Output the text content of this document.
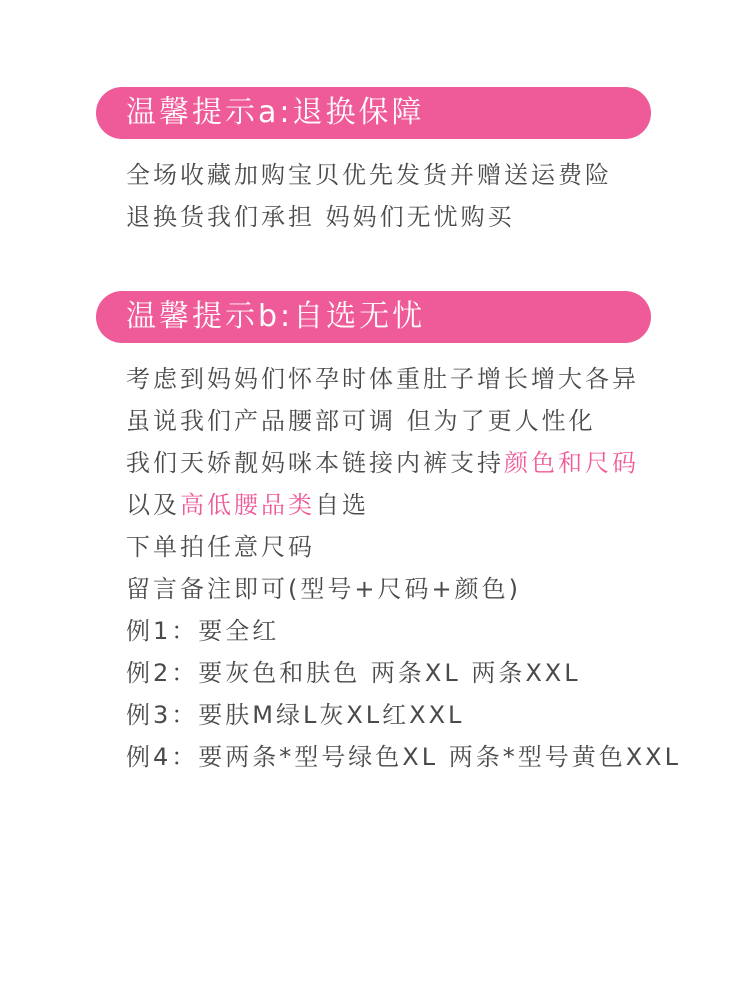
温馨提示a:退换保障
全场收藏加购宝贝优先发货并赠送运费险
退换货我们承担 妈妈们无忧购买
温馨提示b:自选无忧
考虑到妈妈们怀孕时体重肚子增长增大各异
虽说我们产品腰部可调 但为了更人性化
我们天娇靓妈咪本链接内裤支持颜色和尺码
以及高低腰品类自选
下单拍任意尺码
留言备注即可(型号+尺码+颜色)
例1：要全红
例2：要灰色和肤色 两条XL 两条XXL
例3：要肤M绿L灰XL红XXL
例4：要两条*型号绿色XL 两条*型号黄色XXL
